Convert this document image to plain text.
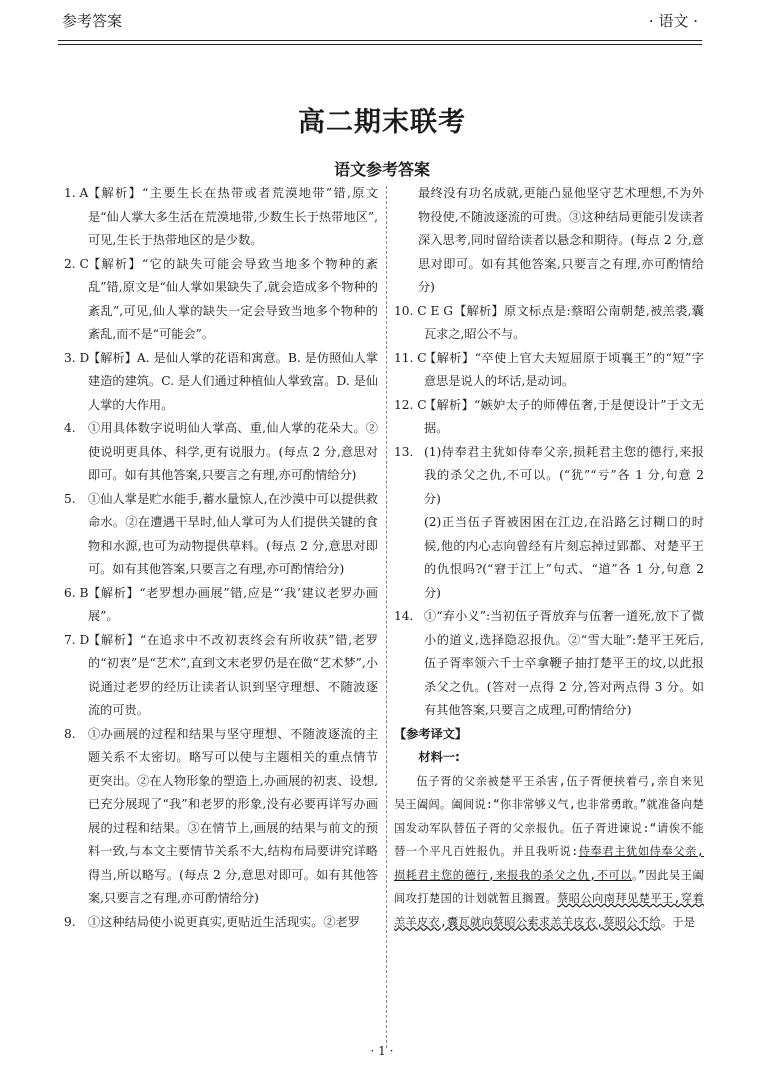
参考答案	· 语文 ·
高二期末联考
语文参考答案
1. A 【解析】“主要生长在热带或者荒漠地带”错,原文是“仙人掌大多生活在荒漠地带,少数生长于热带地区”,可见,生长于热带地区的是少数。
2. C 【解析】“它的缺失可能会导致当地多个物种的紊乱”错,原文是“仙人掌如果缺失了,就会造成多个物种的紊乱”,可见,仙人掌的缺失一定会导致当地多个物种的紊乱,而不是“可能会”。
3. D
【解析】A. 是仙人掌的花语和寓意。B. 是仿照仙人掌建造的建筑。C. 是人们通过种植仙人掌致富。D. 是仙人掌的大作用。
4. ①用具体数字说明仙人掌高、重,仙人掌的花朵大。②使说明更具体、科学,更有说服力。(每点 2 分,意思对即可。如有其他答案,只要言之有理,亦可酌情给分)
5. ①仙人掌是贮水能手,蓄水量惊人,在沙漠中可以提供救命水。②在遭遇干旱时,仙人掌可为人们提供关键的食物和水源,也可为动物提供草料。(每点 2 分,意思对即可。如有其他答案,只要言之有理,亦可酌情给分)
6. B 【解析】“老罗想办画展”错,应是“‘我’建议老罗办画展”。
7. D
【解析】“在追求中不改初衷终会有所收获”错,老罗的“初衷”是“艺术”,直到文末老罗仍是在做“艺术梦”,小说通过老罗的经历让读者认识到坚守理想、不随波逐流的可贵。
8. ①办画展的过程和结果与坚守理想、不随波逐流的主题关系不太密切。略写可以使与主题相关的重点情节更突出。②在人物形象的塑造上,办画展的初衷、设想,已充分展现了“我”和老罗的形象,没有必要再详写办画展的过程和结果。③在情节上,画展的结果与前文的预料一致,与本文主要情节关系不大,结构布局要讲究详略得当,所以略写。(每点 2 分,意思对即可。如有其他答案,只要言之有理,亦可酌情给分)
9. ①这种结局使小说更真实,更贴近生活现实。②老罗
最终没有功名成就,更能凸显他坚守艺术理想,不为外物役使,不随波逐流的可贵。③这种结局更能引发读者深入思考,同时留给读者以悬念和期待。(每点 2 分,意思对即可。如有其他答案,只要言之有理,亦可酌情给分)
10. C E G 【解析】原文标点是:蔡昭公南朝楚,被羔裘,囊瓦求之,昭公不与。
11. C
【解析】“卒使上官大夫短屈原于顷襄王”的“短”字意思是说人的坏话,是动词。
12. C
【解析】“嫉妒太子的师傅伍奢,于是便设计”于文无据。
13. (1)侍奉君主犹如侍奉父亲,损耗君主您的德行,来报我的杀父之仇,不可以。(“犹”“亏”各 1 分,句意 2 分)
(2)正当伍子胥被困困在江边,在沿路乞讨糊口的时候,他的内心志向曾经有片刻忘掉过郢都、对楚平王的仇恨吗?(“窘于江上”句式、“道”各 1 分,句意 2 分)
14. ①“弃小义”:当初伍子胥放弃与伍奢一道死,放下了微小的道义,选择隐忍报仇。②“雪大耻”:楚平王死后,伍子胥率领六千士卒拿鞭子抽打楚平王的坟,以此报杀父之仇。(答对一点得 2 分,答对两点得 3 分。如有其他答案,只要言之成理,可酌情给分)
【参考译文】
材料一:
伍子胥的父亲被楚平王杀害,伍子胥便挟着弓,亲自来见吴王阖闾。阖闾说:“你非常够义气,也非常勇敢。”就准备向楚国发动军队替伍子胥的父亲报仇。伍子胥进谏说:“请俟不能替一个平凡百姓报仇。并且我听说:侍奉君主犹如侍奉父亲,损耗君主您的德行,来报我的杀父之仇,不可以。”因此吴王阖闾攻打楚国的计划就暂且搁置。蔡昭公向南拜见楚平王,穿着羔羊皮衣,囊瓦就向蔡昭公索求羔羊皮衣,蔡昭公不给。于是
· 1 ·
